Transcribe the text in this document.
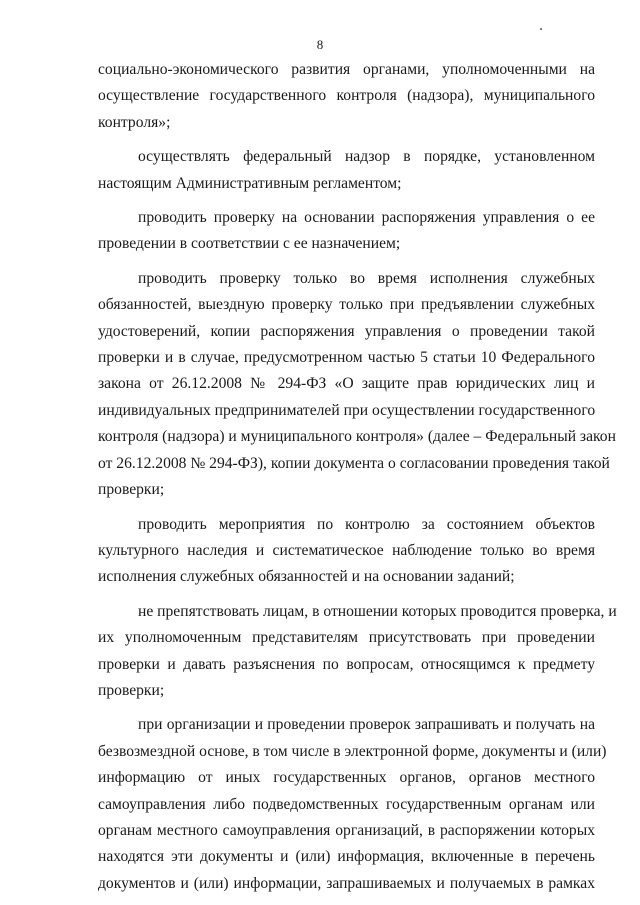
8
социально-экономического развития органами, уполномоченными на
осуществление государственного контроля (надзора), муниципального
контроля»;
осуществлять федеральный надзор в порядке, установленном
настоящим Административным регламентом;
проводить проверку на основании распоряжения управления о ее
проведении в соответствии с ее назначением;
проводить проверку только во время исполнения служебных
обязанностей, выездную проверку только при предъявлении служебных
удостоверений, копии распоряжения управления о проведении такой
проверки и в случае, предусмотренном частью 5 статьи 10 Федерального
закона от 26.12.2008 № 294-ФЗ «О защите прав юридических лиц и
индивидуальных предпринимателей при осуществлении государственного
контроля (надзора) и муниципального контроля» (далее – Федеральный закон
от 26.12.2008 № 294-ФЗ), копии документа о согласовании проведения такой
проверки;
проводить мероприятия по контролю за состоянием объектов
культурного наследия и систематическое наблюдение только во время
исполнения служебных обязанностей и на основании заданий;
не препятствовать лицам, в отношении которых проводится проверка, и
их уполномоченным представителям присутствовать при проведении
проверки и давать разъяснения по вопросам, относящимся к предмету
проверки;
при организации и проведении проверок запрашивать и получать на
безвозмездной основе, в том числе в электронной форме, документы и (или)
информацию от иных государственных органов, органов местного
самоуправления либо подведомственных государственным органам или
органам местного самоуправления организаций, в распоряжении которых
находятся эти документы и (или) информация, включенные в перечень
документов и (или) информации, запрашиваемых и получаемых в рамках
